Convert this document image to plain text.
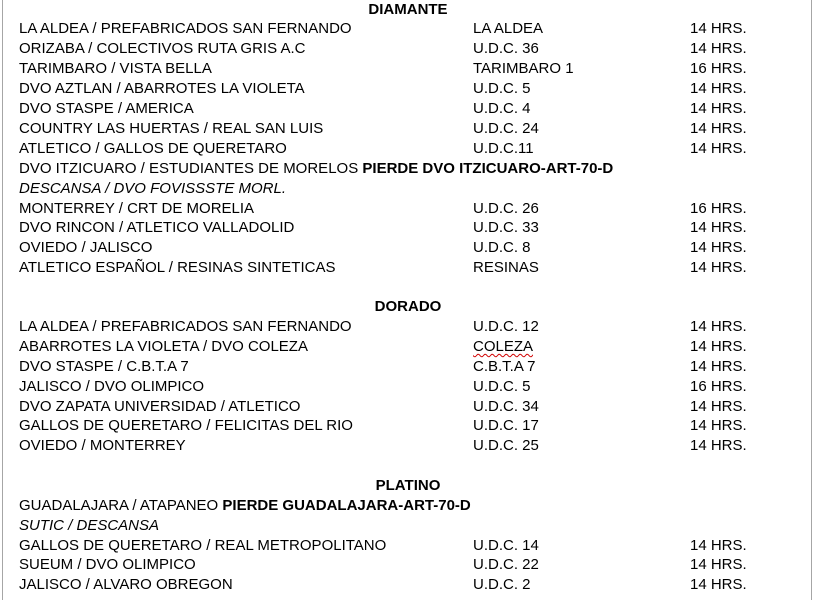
DIAMANTE
LA ALDEA / PREFABRICADOS SAN FERNANDO	LA ALDEA	14 HRS.
ORIZABA / COLECTIVOS RUTA GRIS A.C	U.D.C. 36	14 HRS.
TARIMBARO / VISTA BELLA	TARIMBARO 1	16 HRS.
DVO AZTLAN / ABARROTES LA VIOLETA	U.D.C. 5	14 HRS.
DVO STASPE / AMERICA	U.D.C. 4	14 HRS.
COUNTRY LAS HUERTAS / REAL SAN LUIS	U.D.C. 24	14 HRS.
ATLETICO / GALLOS DE QUERETARO	U.D.C.11	14 HRS.
DVO ITZICUARO / ESTUDIANTES DE MORELOS PIERDE DVO ITZICUARO-ART-70-D
DESCANSA / DVO FOVISSSTE MORL.
MONTERREY / CRT DE MORELIA	U.D.C. 26	16 HRS.
DVO RINCON / ATLETICO VALLADOLID	U.D.C. 33	14 HRS.
OVIEDO / JALISCO	U.D.C. 8	14 HRS.
ATLETICO ESPAÑOL / RESINAS SINTETICAS	RESINAS	14 HRS.
DORADO
LA ALDEA / PREFABRICADOS SAN FERNANDO	U.D.C. 12	14 HRS.
ABARROTES LA VIOLETA / DVO COLEZA	COLEZA	14 HRS.
DVO STASPE / C.B.T.A 7	C.B.T.A 7	14 HRS.
JALISCO / DVO OLIMPICO	U.D.C. 5	16 HRS.
DVO ZAPATA UNIVERSIDAD / ATLETICO	U.D.C. 34	14 HRS.
GALLOS DE QUERETARO / FELICITAS DEL RIO	U.D.C. 17	14 HRS.
OVIEDO / MONTERREY	U.D.C. 25	14 HRS.
PLATINO
GUADALAJARA / ATAPANEO PIERDE GUADALAJARA-ART-70-D
SUTIC / DESCANSA
GALLOS DE QUERETARO / REAL METROPOLITANO	U.D.C. 14	14 HRS.
SUEUM / DVO OLIMPICO	U.D.C. 22	14 HRS.
JALISCO / ALVARO OBREGON	U.D.C. 2	14 HRS.
